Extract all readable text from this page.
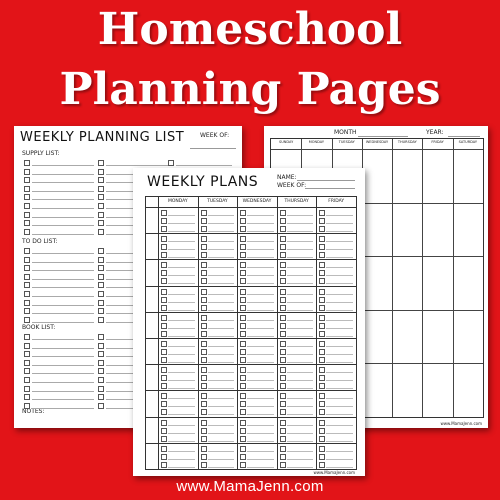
Homeschool
Planning Pages
MONTH	YEAR:
SUNDAY	MONDAY	TUESDAY	WEDNESDAY	THURSDAY	FRIDAY	SATURDAY
www.MamaJenn.com
WEEKLY PLANNING LIST	WEEK OF:
SUPPLY LIST:
TO DO LIST:
BOOK LIST:
NOTES:
WEEKLY PLANS	NAME:
WEEK OF:
MONDAY	TUESDAY	WEDNESDAY	THURSDAY	FRIDAY
www.MamaJenn.com
www.MamaJenn.com
